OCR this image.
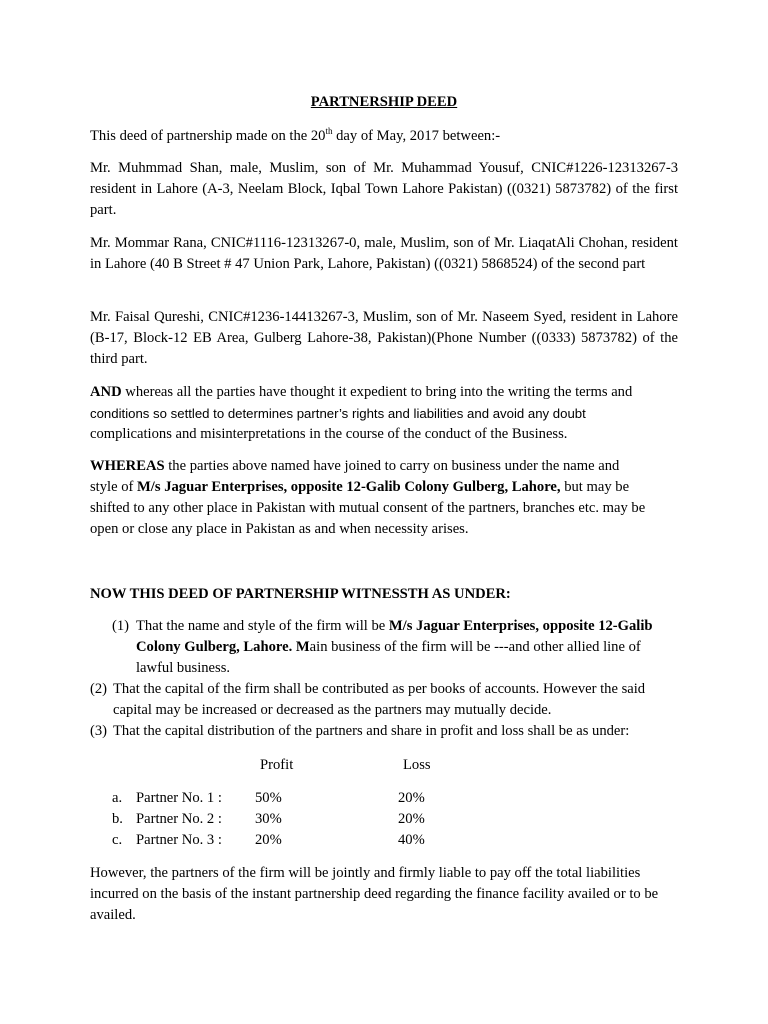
PARTNERSHIP DEED

This deed of partnership made on the 20th day of May, 2017 between:-

Mr. Muhmmad Shan, male, Muslim, son of Mr. Muhammad Yousuf, CNIC#1226-12313267-3 resident in Lahore (A-3, Neelam Block, Iqbal Town Lahore Pakistan) ((0321) 5873782) of the first part.

Mr. Mommar Rana, CNIC#1116-12313267-0, male, Muslim, son of Mr. LiaqatAli Chohan, resident in Lahore (40 B Street # 47 Union Park, Lahore, Pakistan) ((0321) 5868524) of the second part

Mr. Faisal Qureshi, CNIC#1236-14413267-3, Muslim, son of Mr. Naseem Syed, resident in Lahore (B-17, Block-12 EB Area, Gulberg Lahore-38, Pakistan)(Phone Number ((0333) 5873782) of the third part.

AND whereas all the parties have thought it expedient to bring into the writing the terms and
conditions so settled to determines partner’s rights and liabilities and avoid any doubt
complications and misinterpretations in the course of the conduct of the Business.
WHEREAS the parties above named have joined to carry on business under the name and
style of M/s Jaguar Enterprises, opposite 12-Galib Colony Gulberg, Lahore, but may be
shifted to any other place in Pakistan with mutual consent of the partners, branches etc. may be
open or close any place in Pakistan as and when necessity arises.

NOW THIS DEED OF PARTNERSHIP WITNESSTH AS UNDER:

(1) That the name and style of the firm will be M/s Jaguar Enterprises, opposite 12-Galib
Colony Gulberg, Lahore. Main business of the firm will be ---and other allied line of
lawful business.
(2) That the capital of the firm shall be contributed as per books of accounts. However the said
capital may be increased or decreased as the partners may mutually decide.
(3) That the capital distribution of the partners and share in profit and loss shall be as under:
Profit	Loss
a. Partner No. 1 : 50%	20%
b. Partner No. 2 : 30%	20%
c. Partner No. 3 : 20%	40%
However, the partners of the firm will be jointly and firmly liable to pay off the total liabilities
incurred on the basis of the instant partnership deed regarding the finance facility availed or to be
availed.
